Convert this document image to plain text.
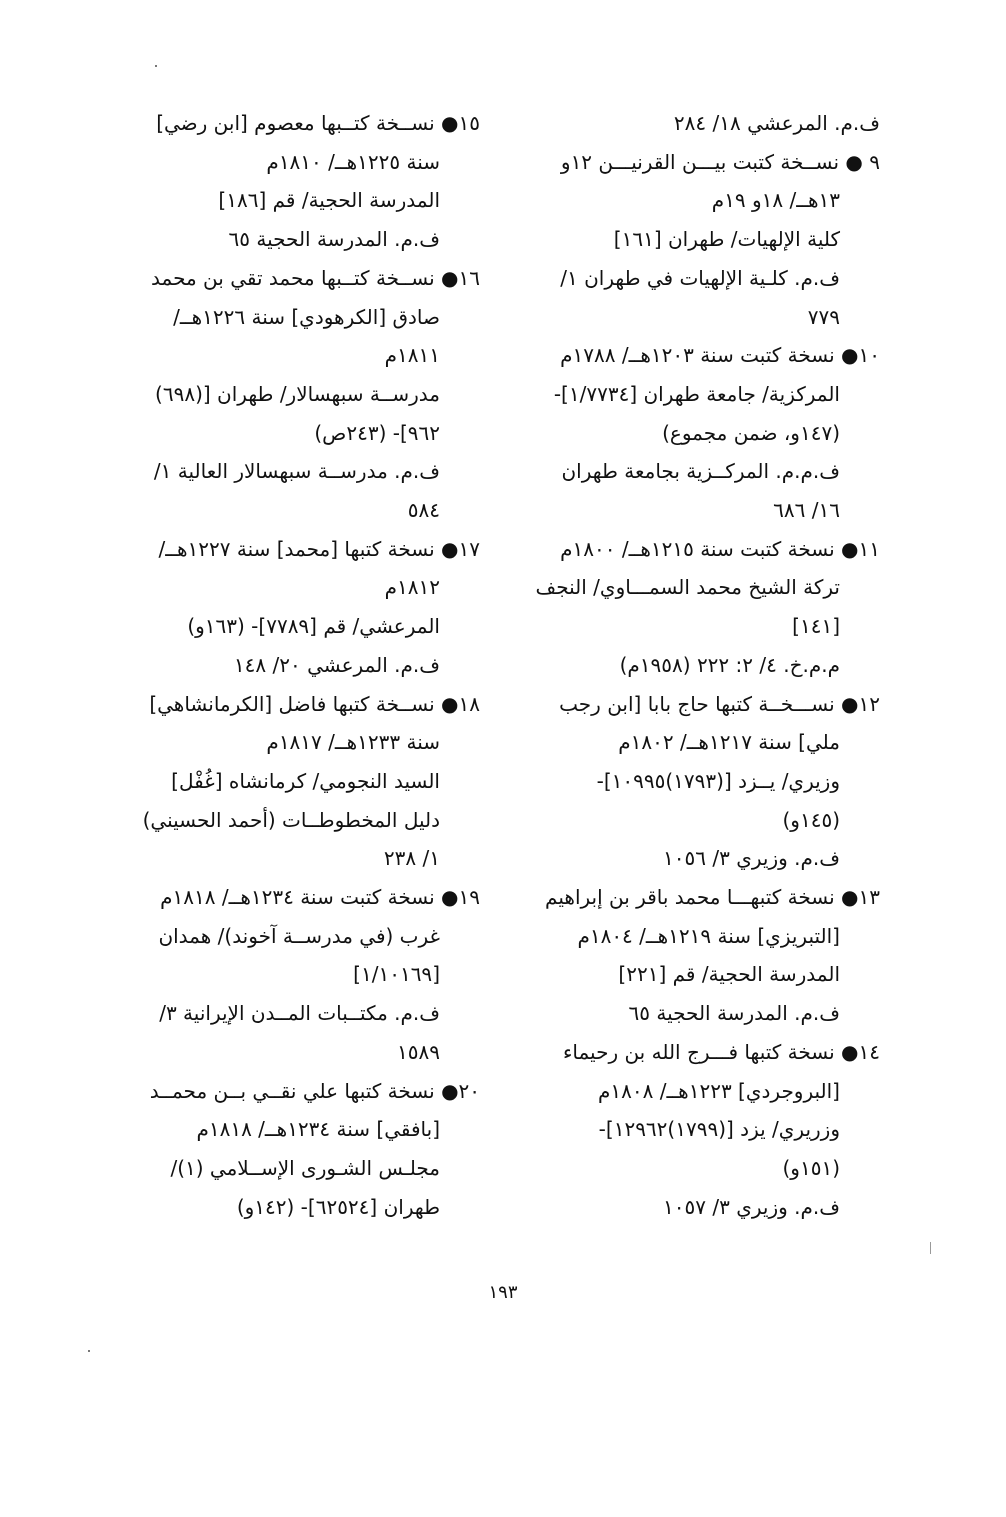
ف.م. المرعشي ١٨/ ٢٨٤

٩ ● نســخة كتبت بيـــن القرنيـــن ١٢و
١٣هــ/ ١٨و ١٩م
كلية الإلهيات/ طهران [١٦١]
ف.م. كلـية الإلهيات في طهران ١/
٧٧٩

١٠● نسخة كتبت سنة ١٢٠٣هــ/ ١٧٨٨م
المركزية/ جامعة طهران [١/٧٧٣٤]-
(١٤٧و، ضمن مجموع)
ف.م.م. المركــزية بجامعة طهران
١٦/ ٦٨٦

١١● نسخة كتبت سنة ١٢١٥هــ/ ١٨٠٠م
تركة الشيخ محمد السمـــاوي/ النجف
[١٤١]
م.م.خ. ٤/ ٢: ٢٢٢ (١٩٥٨م)

١٢● نســـخــة كتبها حاج بابا [ابن رجب
ملي] سنة ١٢١٧هــ/ ١٨٠٢م
وزيري/ يــزد [(١٧٩٣)١٠٩٩٥]-
(١٤٥و)
ف.م. وزيري ٣/ ١٠٥٦

١٣● نسخة كتبهـــا محمد باقر بن إبراهيم
[التبريزي] سنة ١٢١٩هــ/ ١٨٠٤م
المدرسة الحجية/ قم [٢٢١]
ف.م. المدرسة الحجية ٦٥

١٤● نسخة كتبها فـــرج الله بن رحيماء
[البروجردي] ١٢٢٣هــ/ ١٨٠٨م
وزريري/ يزد [(١٧٩٩)١٢٩٦٢]-
(١٥١و)
ف.م. وزيري ٣/ ١٠٥٧

١٥● نســخة كتــبها معصوم [ابن رضي]
سنة ١٢٢٥هــ/ ١٨١٠م
المدرسة الحجية/ قم [١٨٦]
ف.م. المدرسة الحجية ٦٥

١٦● نســخة كتــبها محمد تقي بن محمد
صادق [الكرهودي] سنة ١٢٢٦هــ/
١٨١١م
مدرســة سبهسالار/ طهران [(٦٩٨)
٩٦٢]- (٢٤٣ص)
ف.م. مدرســة سبهسالار العالية ١/
٥٨٤

١٧● نسخة كتبها [محمد] سنة ١٢٢٧هــ/
١٨١٢م
المرعشي/ قم [٧٧٨٩]- (١٦٣و)
ف.م. المرعشي ٢٠/ ١٤٨

١٨● نســخة كتبها فاضل [الكرمانشاهي]
سنة ١٢٣٣هــ/ ١٨١٧م
السيد النجومي/ كرمانشاه [غُفْل]
دليل المخطوطــات (أحمد الحسيني)
١/ ٢٣٨

١٩● نسخة كتبت سنة ١٢٣٤هــ/ ١٨١٨م
غرب (في مدرســة آخوند)/ همدان
[١/١٠١٦٩]
ف.م. مكتــبات المــدن الإيرانية ٣/
١٥٨٩

٢٠● نسخة كتبها علي نقــي بــن محمــد
[بافقي] سنة ١٢٣٤هــ/ ١٨١٨م
مجلـس الشـورى الإســلامي (١)/
طهران [٦٢٥٢٤]- (١٤٢و)

١٩٣
